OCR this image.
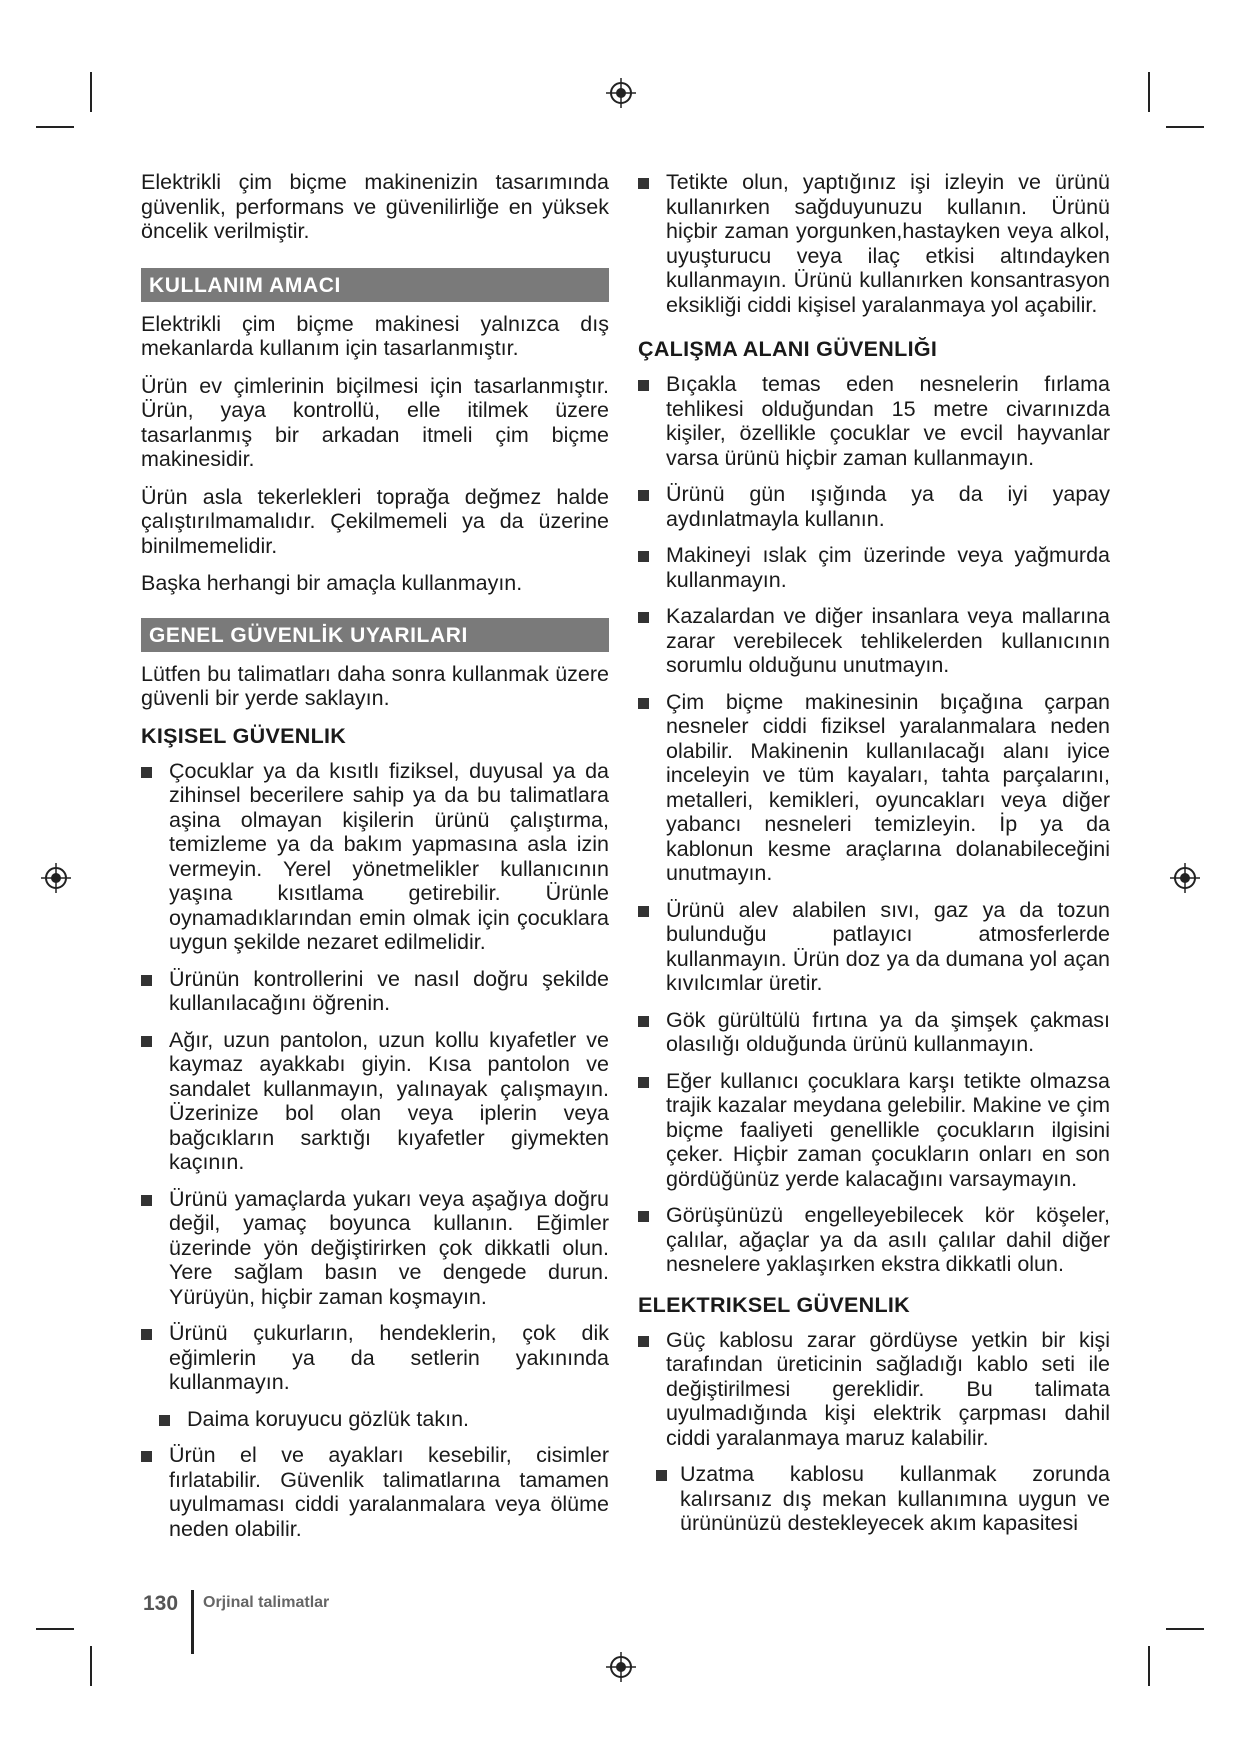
Elektrikli çim biçme makinenizin tasarımında güvenlik, performans ve güvenilirliğe en yüksek öncelik verilmiştir.

KULLANIM AMACI

Elektrikli çim biçme makinesi yalnızca dış mekanlarda kullanım için tasarlanmıştır.

Ürün ev çimlerinin biçilmesi için tasarlanmıştır. Ürün, yaya kontrollü, elle itilmek üzere tasarlanmış bir arkadan itmeli çim biçme makinesidir.

Ürün asla tekerlekleri toprağa değmez halde çalıştırılmamalıdır. Çekilmemeli ya da üzerine binilmemelidir.

Başka herhangi bir amaçla kullanmayın.

GENEL GÜVENLİK UYARILARI

Lütfen bu talimatları daha sonra kullanmak üzere güvenli bir yerde saklayın.

KIŞISEL GÜVENLIK
Çocuklar ya da kısıtlı fiziksel, duyusal ya da zihinsel becerilere sahip ya da bu talimatlara aşina olmayan kişilerin ürünü çalıştırma, temizleme ya da bakım yapmasına asla izin vermeyin. Yerel yönetmelikler kullanıcının yaşına kısıtlama getirebilir. Ürünle oynamadıklarından emin olmak için çocuklara uygun şekilde nezaret edilmelidir.
Ürünün kontrollerini ve nasıl doğru şekilde kullanılacağını öğrenin.
Ağır, uzun pantolon, uzun kollu kıyafetler ve kaymaz ayakkabı giyin. Kısa pantolon ve sandalet kullanmayın, yalınayak çalışmayın. Üzerinize bol olan veya iplerin veya bağcıkların sarktığı kıyafetler giymekten kaçının.
Ürünü yamaçlarda yukarı veya aşağıya doğru değil, yamaç boyunca kullanın. Eğimler üzerinde yön değiştirirken çok dikkatli olun. Yere sağlam basın ve dengede durun. Yürüyün, hiçbir zaman koşmayın.
Ürünü çukurların, hendeklerin, çok dik eğimlerin ya da setlerin yakınında kullanmayın.
Daima koruyucu gözlük takın.
Ürün el ve ayakları kesebilir, cisimler fırlatabilir. Güvenlik talimatlarına tamamen uyulmaması ciddi yaralanmalara veya ölüme neden olabilir.
Tetikte olun, yaptığınız işi izleyin ve ürünü kullanırken sağduyunuzu kullanın. Ürünü hiçbir zaman yorgunken,hastayken veya alkol, uyuşturucu veya ilaç etkisi altındayken kullanmayın. Ürünü kullanırken konsantrasyon eksikliği ciddi kişisel yaralanmaya yol açabilir.
ÇALIŞMA ALANI GÜVENLIĞI
Bıçakla temas eden nesnelerin fırlama tehlikesi olduğundan 15 metre civarınızda kişiler, özellikle çocuklar ve evcil hayvanlar varsa ürünü hiçbir zaman kullanmayın.
Ürünü gün ışığında ya da iyi yapay aydınlatmayla kullanın.
Makineyi ıslak çim üzerinde veya yağmurda kullanmayın.
Kazalardan ve diğer insanlara veya mallarına zarar verebilecek tehlikelerden kullanıcının sorumlu olduğunu unutmayın.
Çim biçme makinesinin bıçağına çarpan nesneler ciddi fiziksel yaralanmalara neden olabilir. Makinenin kullanılacağı alanı iyice inceleyin ve tüm kayaları, tahta parçalarını, metalleri, kemikleri, oyuncakları veya diğer yabancı nesneleri temizleyin. İp ya da kablonun kesme araçlarına dolanabileceğini unutmayın.
Ürünü alev alabilen sıvı, gaz ya da tozun bulunduğu patlayıcı atmosferlerde kullanmayın. Ürün doz ya da dumana yol açan kıvılcımlar üretir.
Gök gürültülü fırtına ya da şimşek çakması olasılığı olduğunda ürünü kullanmayın.
Eğer kullanıcı çocuklara karşı tetikte olmazsa trajik kazalar meydana gelebilir. Makine ve çim biçme faaliyeti genellikle çocukların ilgisini çeker. Hiçbir zaman çocukların onları en son gördüğünüz yerde kalacağını varsaymayın.
Görüşünüzü engelleyebilecek kör köşeler, çalılar, ağaçlar ya da asılı çalılar dahil diğer nesnelere yaklaşırken ekstra dikkatli olun.
ELEKTRIKSEL GÜVENLIK
Güç kablosu zarar gördüyse yetkin bir kişi tarafından üreticinin sağladığı kablo seti ile değiştirilmesi gereklidir. Bu talimata uyulmadığında kişi elektrik çarpması dahil ciddi yaralanmaya maruz kalabilir.
Uzatma kablosu kullanmak zorunda kalırsanız dış mekan kullanımına uygun ve ürününüzü destekleyecek akım kapasitesi
130 Orjinal talimatlar
